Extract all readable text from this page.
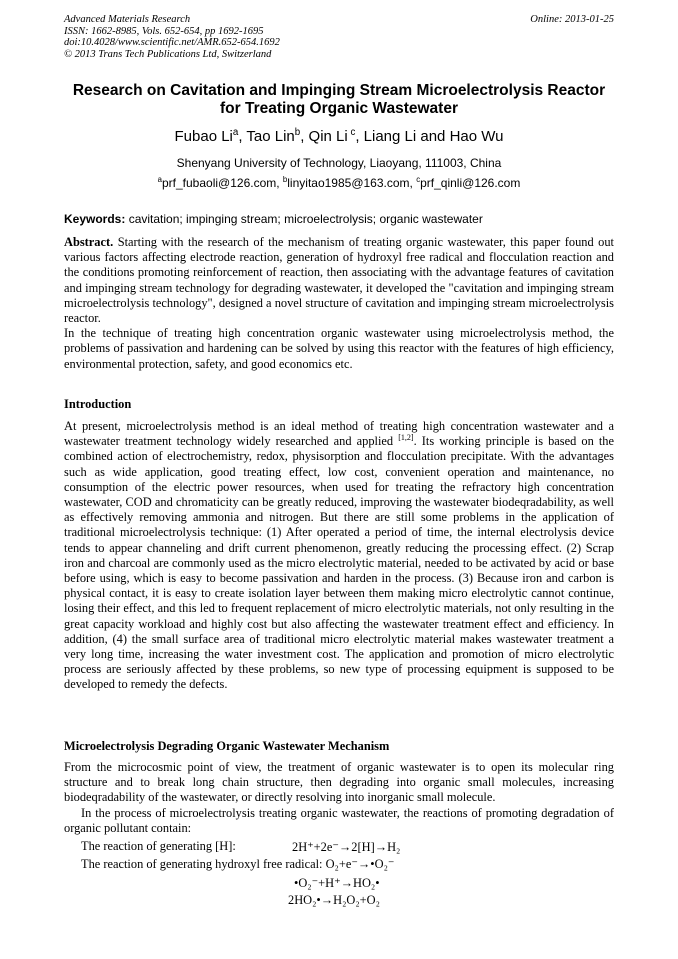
Advanced Materials Research
ISSN: 1662-8985, Vols. 652-654, pp 1692-1695
doi:10.4028/www.scientific.net/AMR.652-654.1692
© 2013 Trans Tech Publications Ltd, Switzerland
Online: 2013-01-25
Research on Cavitation and Impinging Stream Microelectrolysis Reactor
for Treating Organic Wastewater
Fubao Li$^a$, Tao Lin$^b$, Qin Li $^c$, Liang Li and Hao Wu
Shenyang University of Technology, Liaoyang, 111003, China
$^a$prf_fubaoli@126.com, $^b$linyitao1985@163.com, $^c$prf_qinli@126.com
Keywords: cavitation; impinging stream; microelectrolysis; organic wastewater

Abstract. Starting with the research of the mechanism of treating organic wastewater, this paper found out various factors affecting electrode reaction, generation of hydroxyl free radical and flocculation reaction and the conditions promoting reinforcement of reaction, then associating with the advantage features of cavitation and impinging stream technology for degrading wastewater, it developed the "cavitation and impinging stream microelectrolysis technology", designed a novel structure of cavitation and impinging stream microelectrolysis reactor.

In the technique of treating high concentration organic wastewater using microelectrolysis method, the problems of passivation and hardening can be solved by using this reactor with the features of high efficiency, environmental protection, safety, and good economics etc.

Introduction

At present, microelectrolysis method is an ideal method of treating high concentration wastewater and a wastewater treatment technology widely researched and applied [1,2]. Its working principle is based on the combined action of electrochemistry, redox, physisorption and flocculation precipitate. With the advantages such as wide application, good treating effect, low cost, convenient operation and maintenance, no consumption of the electric power resources, when used for treating the refractory high concentration wastewater, COD and chromaticity can be greatly reduced, improving the wastewater biodeqradability, as well as effectively removing ammonia and nitrogen. But there are still some problems in the application of traditional microelectrolysis technique: (1) After operated a period of time, the internal electrolysis device tends to appear channeling and drift current phenomenon, greatly reducing the processing effect. (2) Scrap iron and charcoal are commonly used as the micro electrolytic material, needed to be activated by acid or base before using, which is easy to become passivation and harden in the process. (3) Because iron and carbon is physical contact, it is easy to create isolation layer between them making micro electrolytic cannot continue, losing their effect, and this led to frequent replacement of micro electrolytic materials, not only resulting in the great capacity workload and highly cost but also affecting the wastewater treatment effect and efficiency. In addition, (4) the small surface area of traditional micro electrolytic material makes wastewater treatment a very long time, increasing the water investment cost. The application and promotion of micro electrolytic process are seriously affected by these problems, so new type of processing equipment is supposed to be developed to remedy the defects.

Microelectrolysis Degrading Organic Wastewater Mechanism

From the microcosmic point of view, the treatment of organic wastewater is to open its molecular ring structure and to break long chain structure, then degrading into organic small molecules, increasing biodeqradability of the wastewater, or directly resolving into inorganic small molecule.

In the process of microelectrolysis treating organic wastewater, the reactions of promoting degradation of organic pollutant contain:

The reaction of generating [H]:	2H⁺+2e⁻→2[H]→H₂
The reaction of generating hydroxyl free radical: O₂+e⁻→•O₂⁻
•O₂⁻+H⁺→HO₂•
2HO₂•→H₂O₂+O₂
